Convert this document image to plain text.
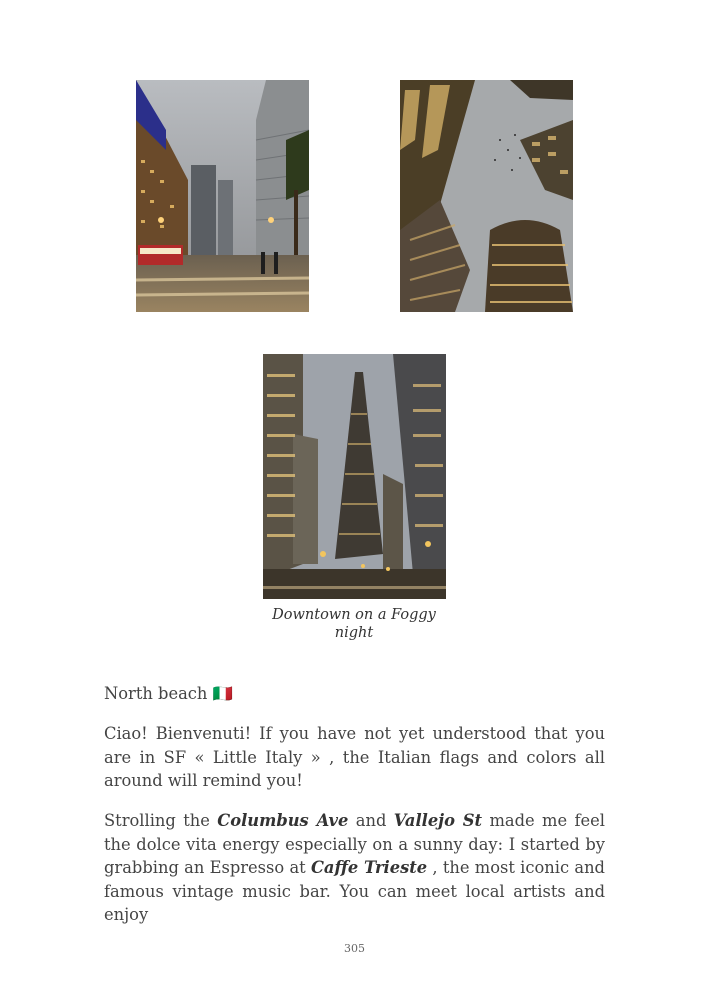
Downtown on a Foggy
night
North beach 🇮🇹
Ciao! Bienvenuti! If you have not yet understood that you are in SF « Little Italy » , the Italian flags and colors all around will remind you!
Strolling the Columbus Ave and Vallejo St made me feel the dolce vita energy especially on a sunny day: I started by grabbing an Espresso at Caffe Trieste , the most iconic and famous vintage music bar. You can meet local artists and enjoy
305
